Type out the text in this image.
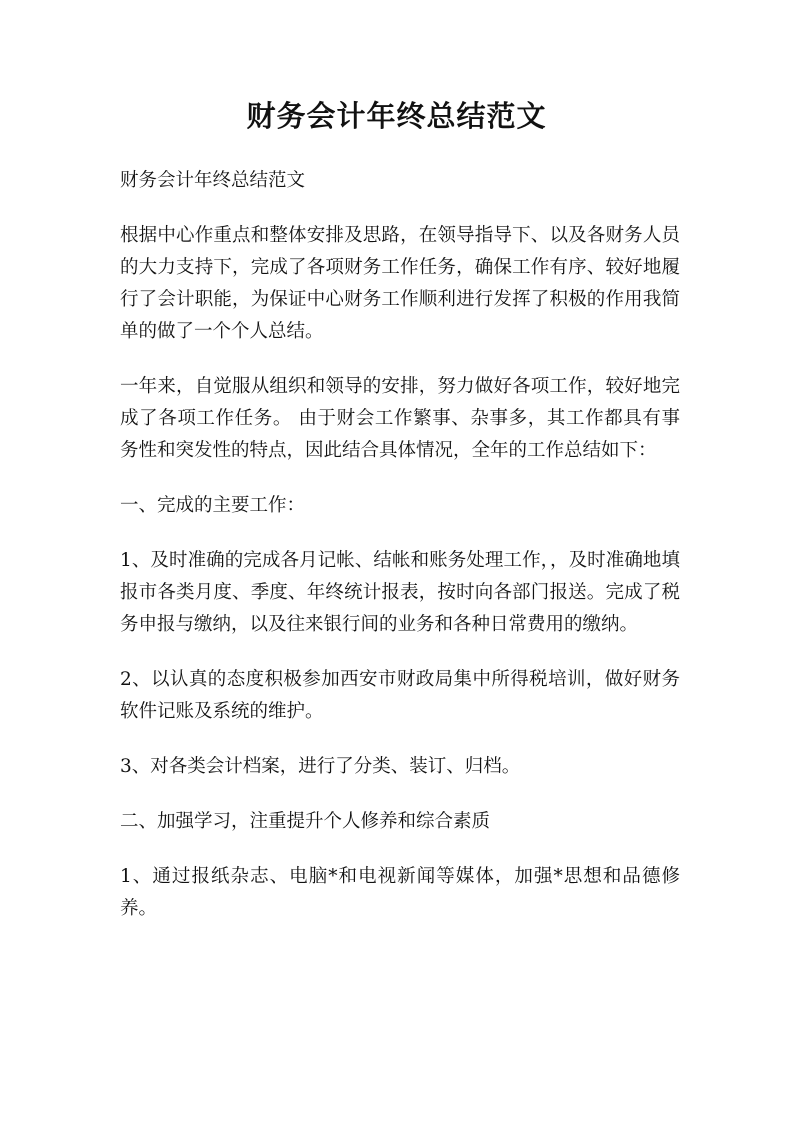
财务会计年终总结范文

财务会计年终总结范文

根据中心作重点和整体安排及思路，在领导指导下、以及各财务人员的大力支持下，完成了各项财务工作任务，确保工作有序、较好地履行了会计职能，为保证中心财务工作顺利进行发挥了积极的作用我简单的做了一个个人总结。

一年来，自觉服从组织和领导的安排，努力做好各项工作，较好地完成了各项工作任务。 由于财会工作繁事、杂事多，其工作都具有事务性和突发性的特点，因此结合具体情况，全年的工作总结如下：

一、完成的主要工作：

1、及时准确的完成各月记帐、结帐和账务处理工作，，及时准确地填报市各类月度、季度、年终统计报表，按时向各部门报送。完成了税务申报与缴纳，以及往来银行间的业务和各种日常费用的缴纳。

2、以认真的态度积极参加西安市财政局集中所得税培训，做好财务软件记账及系统的维护。

3、对各类会计档案，进行了分类、装订、归档。

二、加强学习，注重提升个人修养和综合素质

1、通过报纸杂志、电脑*和电视新闻等媒体，加强*思想和品德修养。
